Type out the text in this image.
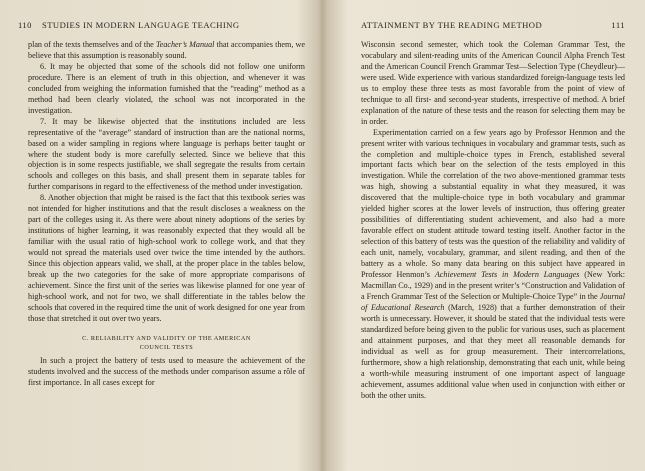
110 STUDIES IN MODERN LANGUAGE TEACHING

plan of the texts themselves and of the Teacher’s Manual that accompanies them, we believe that this assumption is reasonably sound.

6. It may be objected that some of the schools did not follow one uniform procedure. There is an element of truth in this objection, and whenever it was concluded from weighing the information furnished that the “reading” method as a method had been clearly violated, the school was not incorporated in the investigation.

7. It may be likewise objected that the institutions included are less representative of the “average” standard of instruction than are the national norms, based on a wider sampling in regions where language is perhaps better taught or where the student body is more carefully selected. Since we believe that this objection is in some respects justifiable, we shall segregate the results from certain schools and colleges on this basis, and shall present them in separate tables for further comparisons in regard to the effectiveness of the method under investigation.

8. Another objection that might be raised is the fact that this textbook series was not intended for higher institutions and that the result discloses a weakness on the part of the colleges using it. As there were about ninety adoptions of the series by institutions of higher learning, it was reasonably expected that they would all be familiar with the usual ratio of high-school work to college work, and that they would not spread the materials used over twice the time intended by the authors. Since this objection appears valid, we shall, at the proper place in the tables below, break up the two categories for the sake of more appropriate comparisons of achievement. Since the first unit of the series was likewise planned for one year of high-school work, and not for two, we shall differentiate in the tables below the schools that covered in the required time the unit of work designed for one year from those that stretched it out over two years.

C. RELIABILITY AND VALIDITY OF THE AMERICAN
COUNCIL TESTS

In such a project the battery of tests used to measure the achievement of the students involved and the success of the methods under comparison assume a rôle of first importance. In all cases except for

ATTAINMENT BY THE READING METHOD	111

Wisconsin second semester, which took the Coleman Grammar Test, the vocabulary and silent-reading units of the American Council Alpha French Test and the American Council French Grammar Test—Selection Type (Cheydleur)—were used. Wide experience with various standardized foreign-language tests led us to employ these three tests as most favorable from the point of view of technique to all first- and second-year students, irrespective of method. A brief explanation of the nature of these tests and the reason for selecting them may be in order.

Experimentation carried on a few years ago by Professor Henmon and the present writer with various techniques in vocabulary and grammar tests, such as the completion and multiple-choice types in French, established several important facts which bear on the selection of the tests employed in this investigation. While the correlation of the two above-mentioned grammar tests was high, showing a substantial equality in what they measured, it was discovered that the multiple-choice type in both vocabulary and grammar yielded higher scores at the lower levels of instruction, thus offering greater possibilities of differentiating student achievement, and also had a more favorable effect on student attitude toward testing itself. Another factor in the selection of this battery of tests was the question of the reliability and validity of each unit, namely, vocabulary, grammar, and silent reading, and then of the battery as a whole. So many data bearing on this subject have appeared in Professor Henmon’s Achievement Tests in Modern Languages (New York: Macmillan Co., 1929) and in the present writer’s “Construction and Validation of a French Grammar Test of the Selection or Multiple-Choice Type” in the Journal of Educational Research (March, 1928) that a further demonstration of their worth is unnecessary. However, it should be stated that the individual tests were standardized before being given to the public for various uses, such as placement and attainment purposes, and that they meet all reasonable demands for individual as well as for group measurement. Their intercorrelations, furthermore, show a high relationship, demonstrating that each unit, while being a worth-while measuring instrument of one important aspect of language achievement, assumes additional value when used in conjunction with either or both the other units.
